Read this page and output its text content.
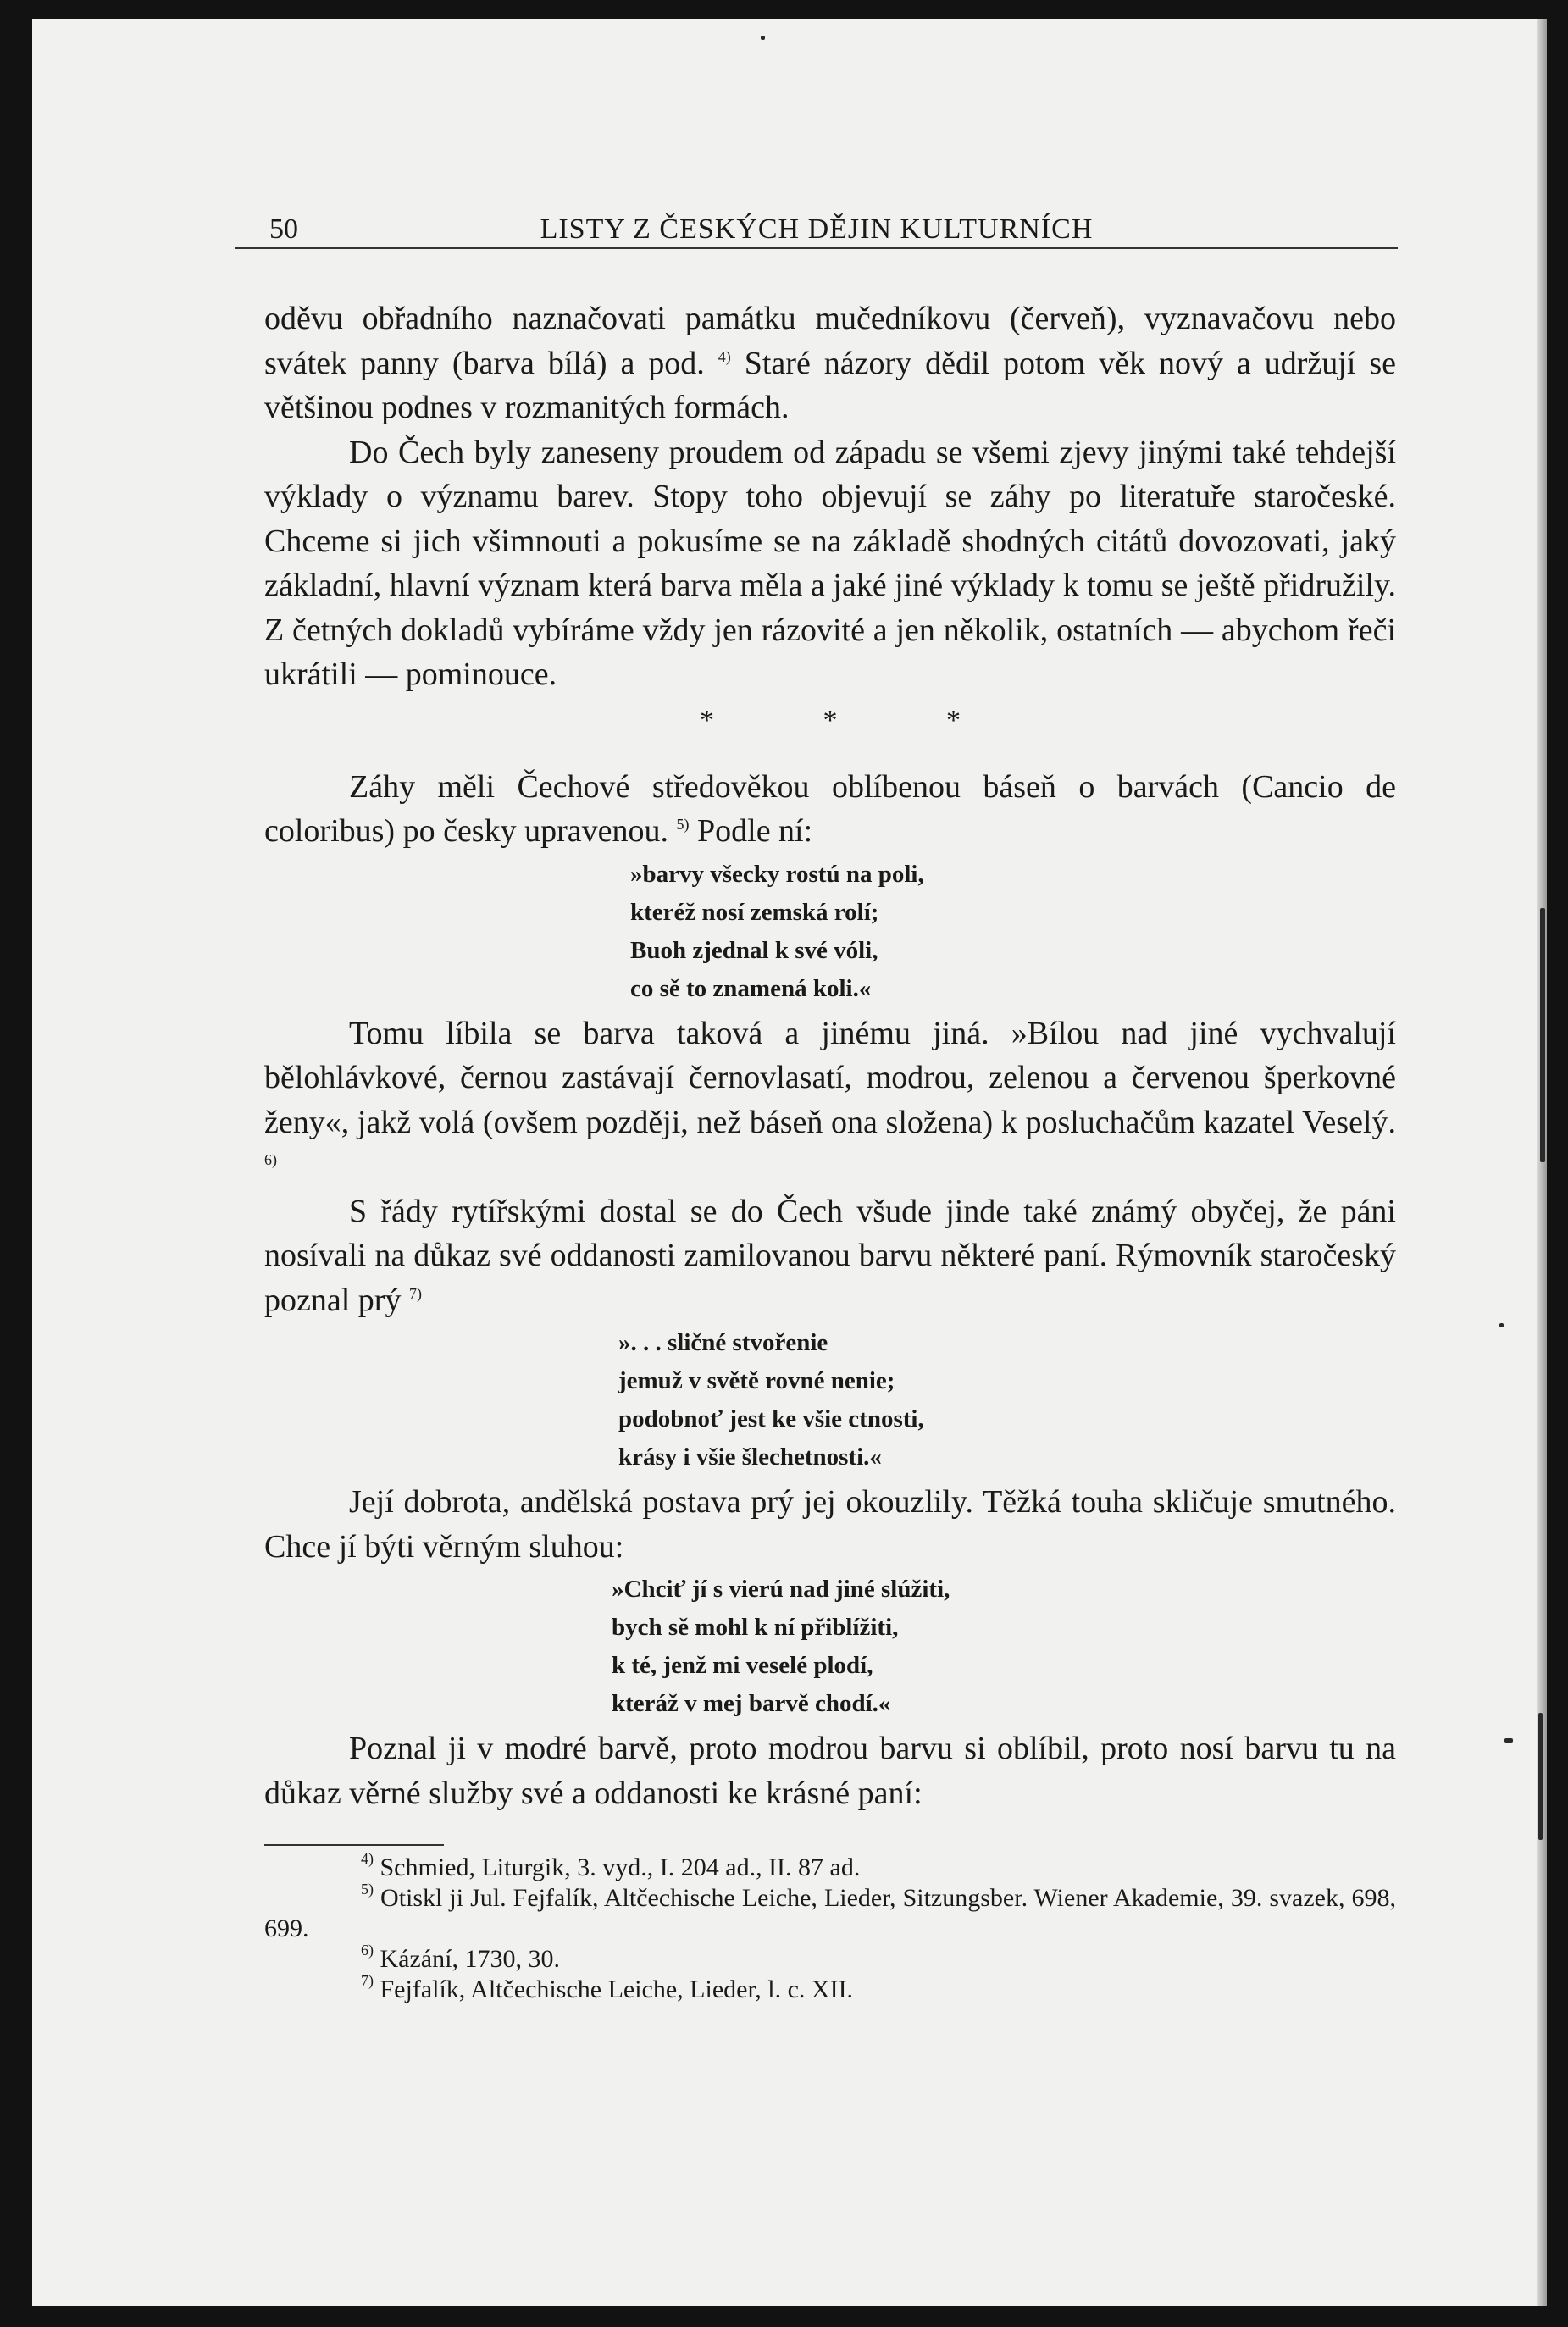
50	LISTY Z ČESKÝCH DĚJIN KULTURNÍCH

oděvu obřadního naznačovati památku mučedníkovu (červeň), vyznavačovu nebo svátek panny (barva bílá) a pod. $^{4)}$ Staré názory dědil potom věk nový a udržují se většinou podnes v rozmanitých formách.

Do Čech byly zaneseny proudem od západu se všemi zjevy jinými také tehdejší výklady o významu barev. Stopy toho objevují se záhy po literatuře staročeské. Chceme si jich všimnouti a pokusíme se na základě shodných citátů dovozovati, jaký základní, hlavní význam která barva měla a jaké jiné výklady k tomu se ještě přidružily. Z četných dokladů vybíráme vždy jen rázovité a jen několik, ostatních — abychom řeči ukrátili — pominouce.

* * *

Záhy měli Čechové středověkou oblíbenou báseň o barvách (Cancio de coloribus) po česky upravenou. $^{5)}$ Podle ní:

»barvy všecky rostú na poli,
kteréž nosí zemská rolí;
Buoh zjednal k své vóli,
co sě to znamená koli.«

Tomu líbila se barva taková a jinému jiná. »Bílou nad jiné vychvalují bělohlávkové, černou zastávají černovlasatí, modrou, zelenou a červenou šperkovné ženy«, jakž volá (ovšem později, než báseň ona složena) k posluchačům kazatel Veselý. $^{6)}$

S řády rytířskými dostal se do Čech všude jinde také známý obyčej, že páni nosívali na důkaz své oddanosti zamilovanou barvu některé paní. Rýmovník staročeský poznal prý $^{7)}$

». . . sličné stvořenie
jemuž v světě rovné nenie;
podobnoť jest ke všie ctnosti,
krásy i všie šlechetnosti.«

Její dobrota, andělská postava prý jej okouzlily. Těžká touha skličuje smutného. Chce jí býti věrným sluhou:

»Chciť jí s vierú nad jiné slúžiti,
bych sě mohl k ní přiblížiti,
k té, jenž mi veselé plodí,
kteráž v mej barvě chodí.«

Poznal ji v modré barvě, proto modrou barvu si oblíbil, proto nosí barvu tu na důkaz věrné služby své a oddanosti ke krásné paní:

$^{4)}$ Schmied, Liturgik, 3. vyd., I. 204 ad., II. 87 ad.
$^{5)}$ Otiskl ji Jul. Fejfalík, Altčechische Leiche, Lieder, Sitzungsber. Wiener Akademie, 39. svazek, 698, 699.
$^{6)}$ Kázání, 1730, 30.
$^{7)}$ Fejfalík, Altčechische Leiche, Lieder, l. c. XII.
